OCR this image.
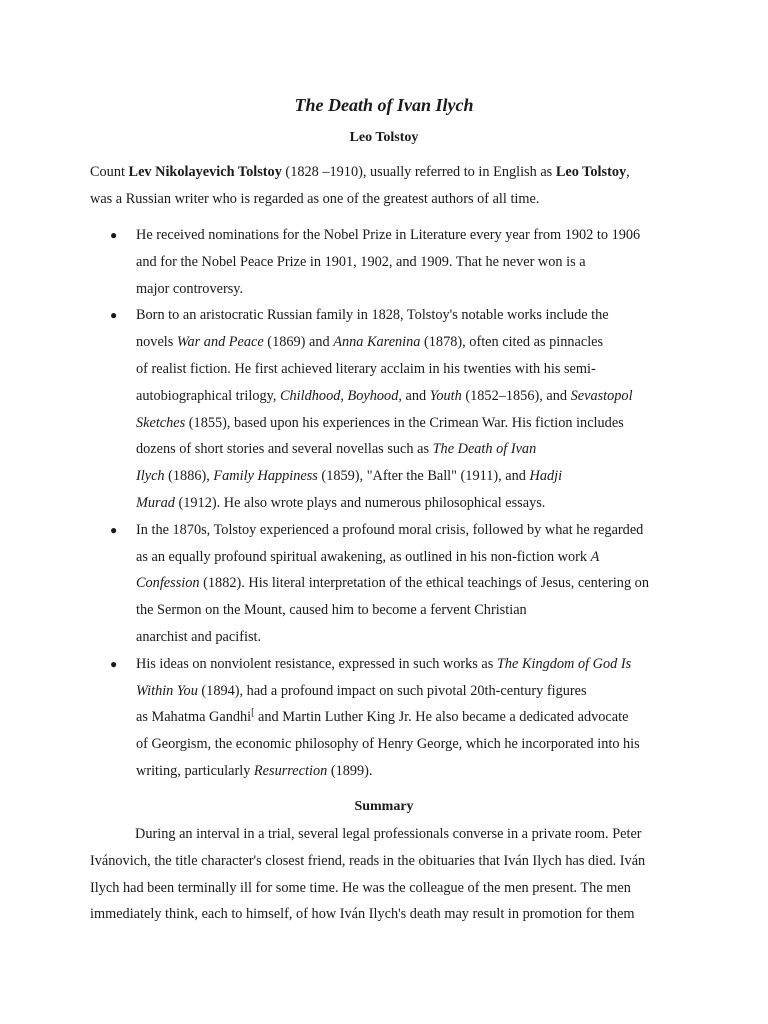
The Death of Ivan Ilych
Leo Tolstoy

Count Lev Nikolayevich Tolstoy (1828 –1910), usually referred to in English as Leo Tolstoy,
was a Russian writer who is regarded as one of the greatest authors of all time.

● He received nominations for the Nobel Prize in Literature every year from 1902 to 1906
and for the Nobel Peace Prize in 1901, 1902, and 1909. That he never won is a
major controversy.
● Born to an aristocratic Russian family in 1828, Tolstoy's notable works include the
novels War and Peace (1869) and Anna Karenina (1878), often cited as pinnacles
of realist fiction. He first achieved literary acclaim in his twenties with his semi-
autobiographical trilogy, Childhood, Boyhood, and Youth (1852–1856), and Sevastopol
Sketches (1855), based upon his experiences in the Crimean War. His fiction includes
dozens of short stories and several novellas such as The Death of Ivan
Ilych (1886), Family Happiness (1859), "After the Ball" (1911), and Hadji
Murad (1912). He also wrote plays and numerous philosophical essays.
● In the 1870s, Tolstoy experienced a profound moral crisis, followed by what he regarded
as an equally profound spiritual awakening, as outlined in his non-fiction work A
Confession (1882). His literal interpretation of the ethical teachings of Jesus, centering on
the Sermon on the Mount, caused him to become a fervent Christian
anarchist and pacifist.
● His ideas on nonviolent resistance, expressed in such works as The Kingdom of God Is
Within You (1894), had a profound impact on such pivotal 20th-century figures
as Mahatma Gandhi[ and Martin Luther King Jr. He also became a dedicated advocate
of Georgism, the economic philosophy of Henry George, which he incorporated into his
writing, particularly Resurrection (1899).
Summary

During an interval in a trial, several legal professionals converse in a private room. Peter
Ivánovich, the title character's closest friend, reads in the obituaries that Iván Ilych has died. Iván
Ilych had been terminally ill for some time. He was the colleague of the men present. The men
immediately think, each to himself, of how Iván Ilych's death may result in promotion for them
